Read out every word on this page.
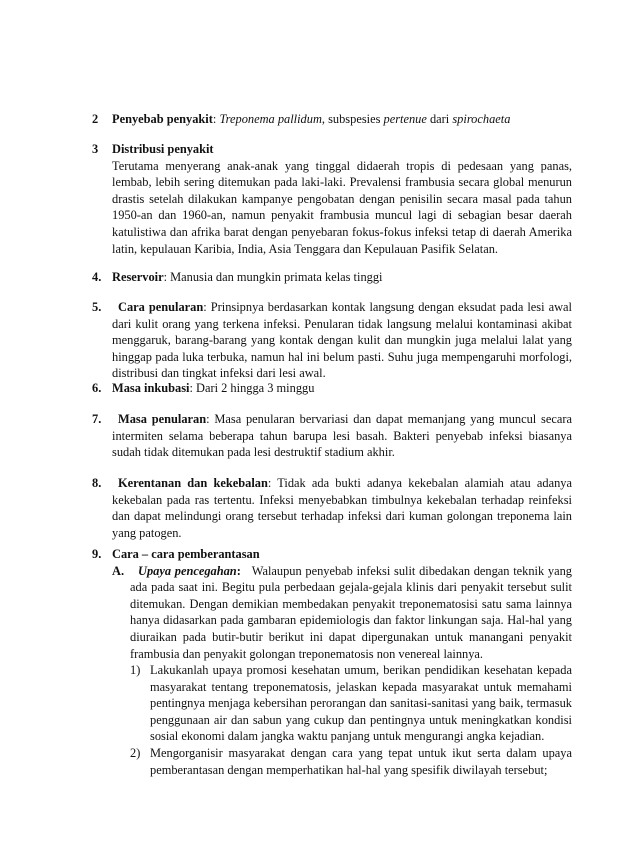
2 Penyebab penyakit: Treponema pallidum, subspesies pertenue dari spirochaeta

3 Distribusi penyakit

Terutama menyerang anak-anak yang tinggal didaerah tropis di pedesaan yang panas, lembab, lebih sering ditemukan pada laki-laki. Prevalensi frambusia secara global menurun drastis setelah dilakukan kampanye pengobatan dengan penisilin secara masal pada tahun 1950-an dan 1960-an, namun penyakit frambusia muncul lagi di sebagian besar daerah katulistiwa dan afrika barat dengan penyebaran fokus-fokus infeksi tetap di daerah Amerika latin, kepulauan Karibia, India, Asia Tenggara dan Kepulauan Pasifik Selatan.

4. Reservoir: Manusia dan mungkin primata kelas tinggi

5.	Cara penularan: Prinsipnya berdasarkan kontak langsung dengan eksudat pada lesi awal dari kulit orang yang terkena infeksi. Penularan tidak langsung melalui kontaminasi akibat menggaruk, barang-barang yang kontak dengan kulit dan mungkin juga melalui lalat yang hinggap pada luka terbuka, namun hal ini belum pasti. Suhu juga mempengaruhi morfologi, distribusi dan tingkat infeksi dari lesi awal.

6. Masa inkubasi: Dari 2 hingga 3 minggu

7.	Masa penularan: Masa penularan bervariasi dan dapat memanjang yang muncul secara intermiten selama beberapa tahun barupa lesi basah. Bakteri penyebab infeksi biasanya sudah tidak ditemukan pada lesi destruktif stadium akhir.

8.	Kerentanan dan kekebalan: Tidak ada bukti adanya kekebalan alamiah atau adanya kekebalan pada ras tertentu. Infeksi menyebabkan timbulnya kekebalan terhadap reinfeksi dan dapat melindungi orang tersebut terhadap infeksi dari kuman golongan treponema lain yang patogen.

9. Cara – cara pemberantasan

A.	Upaya pencegahan: Walaupun penyebab infeksi sulit dibedakan dengan teknik yang ada pada saat ini. Begitu pula perbedaan gejala-gejala klinis dari penyakit tersebut sulit ditemukan. Dengan demikian membedakan penyakit treponematosisi satu sama lainnya hanya didasarkan pada gambaran epidemiologis dan faktor linkungan saja. Hal-hal yang diuraikan pada butir-butir berikut ini dapat dipergunakan untuk manangani penyakit frambusia dan penyakit golongan treponematosis non venereal lainnya.

1) Lakukanlah upaya promosi kesehatan umum, berikan pendidikan kesehatan kepada masyarakat tentang treponematosis, jelaskan kepada masyarakat untuk memahami pentingnya menjaga kebersihan perorangan dan sanitasi-sanitasi yang baik, termasuk penggunaan air dan sabun yang cukup dan pentingnya untuk meningkatkan kondisi sosial ekonomi dalam jangka waktu panjang untuk mengurangi angka kejadian.

2) Mengorganisir masyarakat dengan cara yang tepat untuk ikut serta dalam upaya pemberantasan dengan memperhatikan hal-hal yang spesifik diwilayah tersebut;
